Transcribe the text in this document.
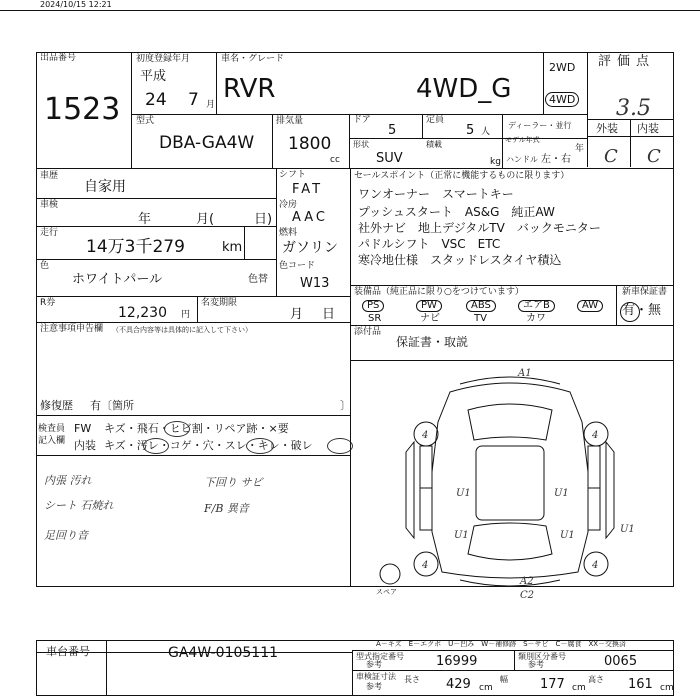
2024/10/15 12:21
出品番号
1523
初度登録年月
平成
24 7 月
車名・グレード
RVR	4WD_G
2WD
4WD
評価点
3.5
外装 内装
C C
型式
DBA-GA4W
排気量
1800
cc
ドア
5
定員
5 人
ディーラー・並行
モデル年式
年
形状
SUV
積載
kg ハンドル 左・右
車歴
自家用
車検
年	月(	日)
走行
14万3千279	km
色
ホワイトパール	色替
シフト
FAT
冷房
AAC
燃料
ガソリン
色コード
W13
R券
12,230 円
名変期限
月 日
注意事項申告欄 （不具合内容等は具体的に記入して下さい）
修復歴 有〔箇所	〕
検査員
記入欄
FW キズ・飛石・ヒビ割・リペア跡・×要
内装 キズ・汚レ・コゲ・穴・スレ・キレ・破レ
内張 汚れ
シート 石焼れ
足回り音
下回り サビ
F/B 異音
セールスポイント（正常に機能するものに限ります）
ワンオーナー　スマートキー
プッシュスタート　AS&G　純正AW
社外ナビ　地上デジタルTV　バックモニター
パドルシフト　VSC　ETC
寒冷地仕様　スタッドレスタイヤ積込
装備品（純正品に限り○をつけています）
PS
SR
PW
ナビ
ABS
TV
エアB
カワ
AW
新車保証書
有・無
添付品
保証書・取説
A1
4	4
4	4
U1	U1
U1
C2
A2
U1	U1
スペア
A－キズ　E－エクボ　U－凹み　W－補修跡　S－サビ　C－腐食　XX－交換済
車台番号	GA4W-0105111	型式指定番号
参考	16999	類別区分番号
参考	0065
車検証寸法
参考
長さ 429 cm
幅 177 cm
高さ 161 cm
